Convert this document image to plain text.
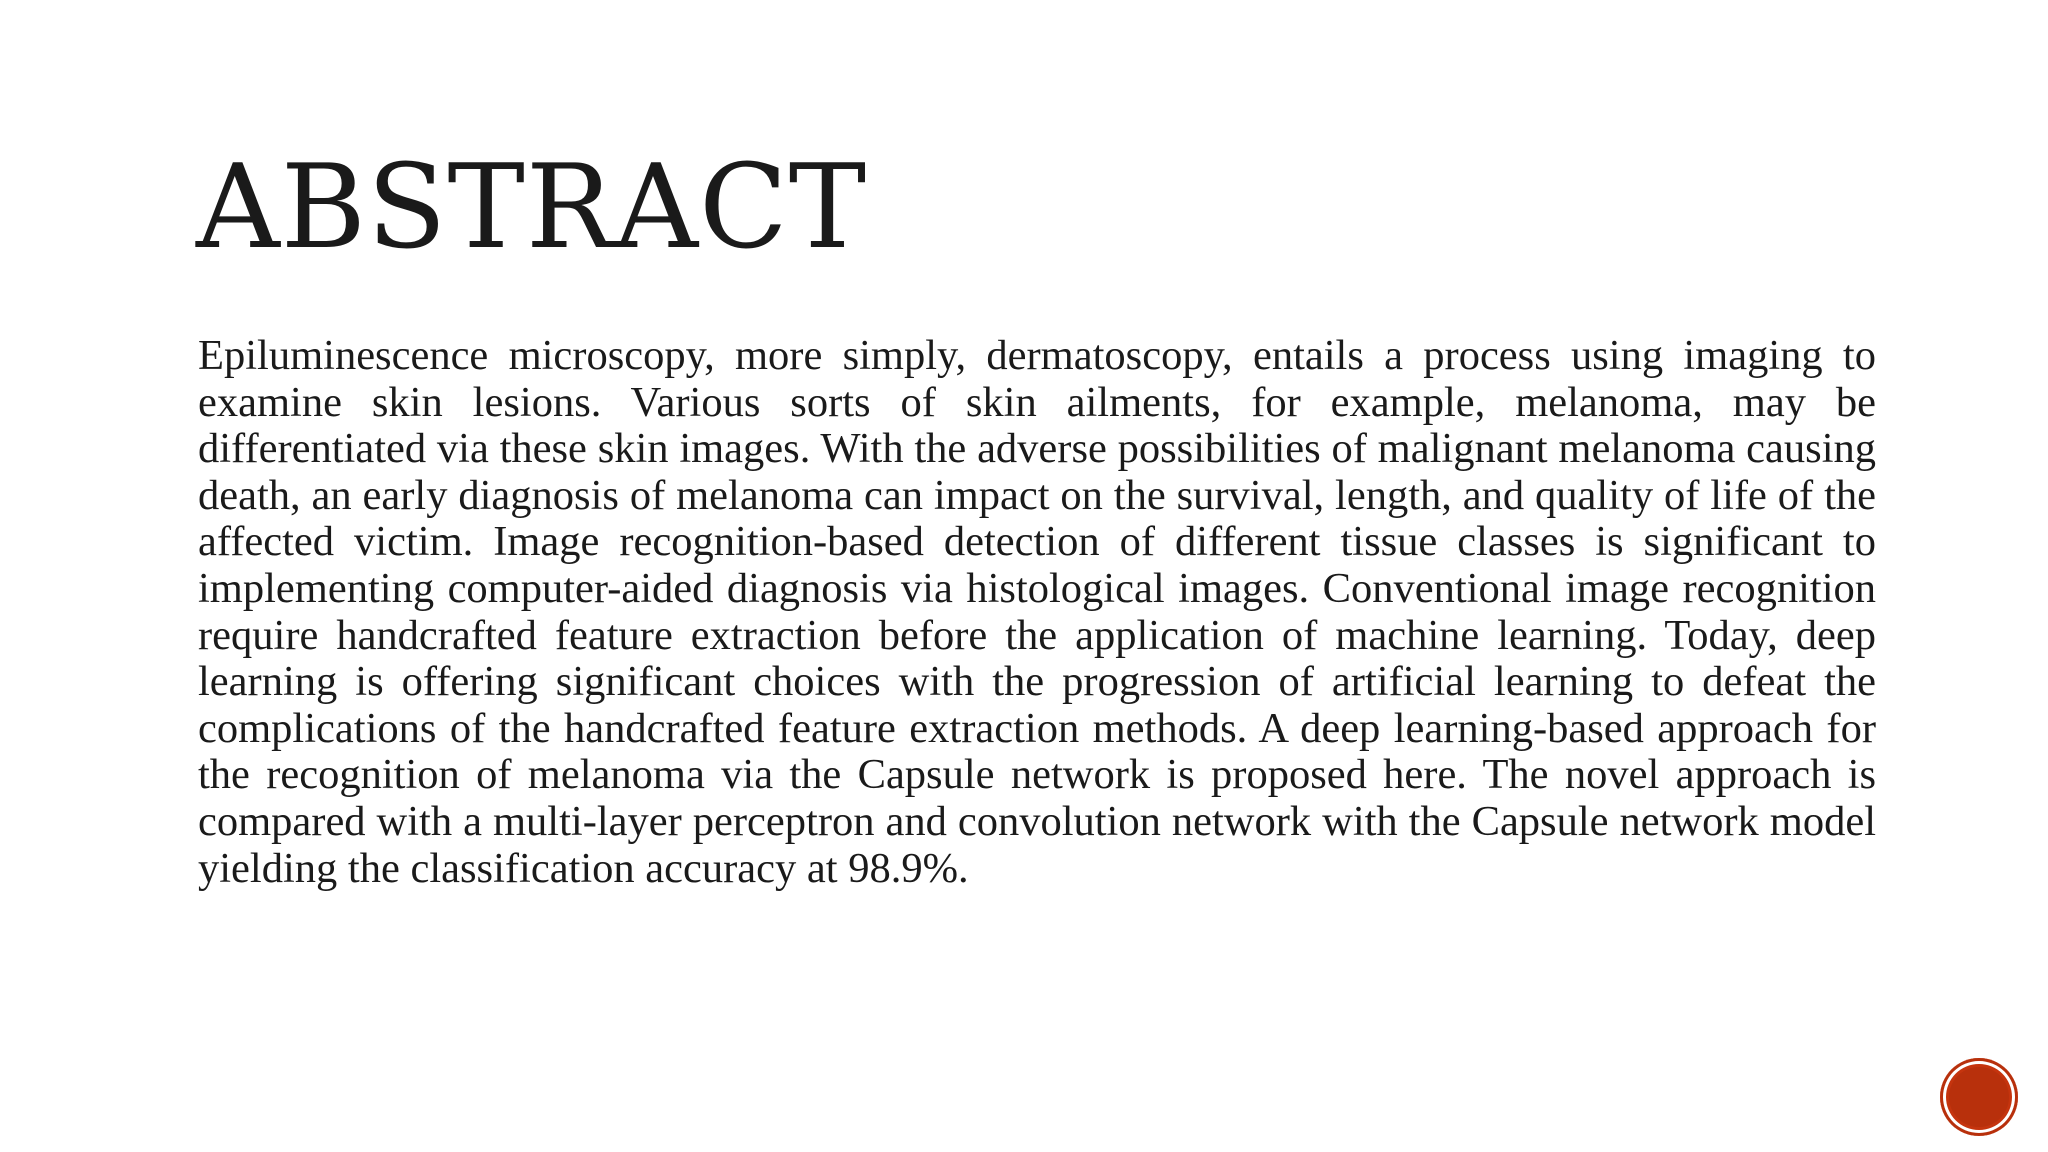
ABSTRACT

Epiluminescence microscopy, more simply, dermatoscopy, entails a process using imaging to examine skin lesions. Various sorts of skin ailments, for example, melanoma, may be differentiated via these skin images. With the adverse possibilities of malignant melanoma causing death, an early diagnosis of melanoma can impact on the survival, length, and quality of life of the affected victim. Image recognition-based detection of different tissue classes is significant to implementing computer-aided diagnosis via histological images. Conventional image recognition require handcrafted feature extraction before the application of machine learning. Today, deep learning is offering significant choices with the progression of artificial learning to defeat the complications of the handcrafted feature extraction methods. A deep learning-based approach for the recognition of melanoma via the Capsule network is proposed here. The novel approach is compared with a multi-layer perceptron and convolution network with the Capsule network model yielding the classification accuracy at 98.9%.
